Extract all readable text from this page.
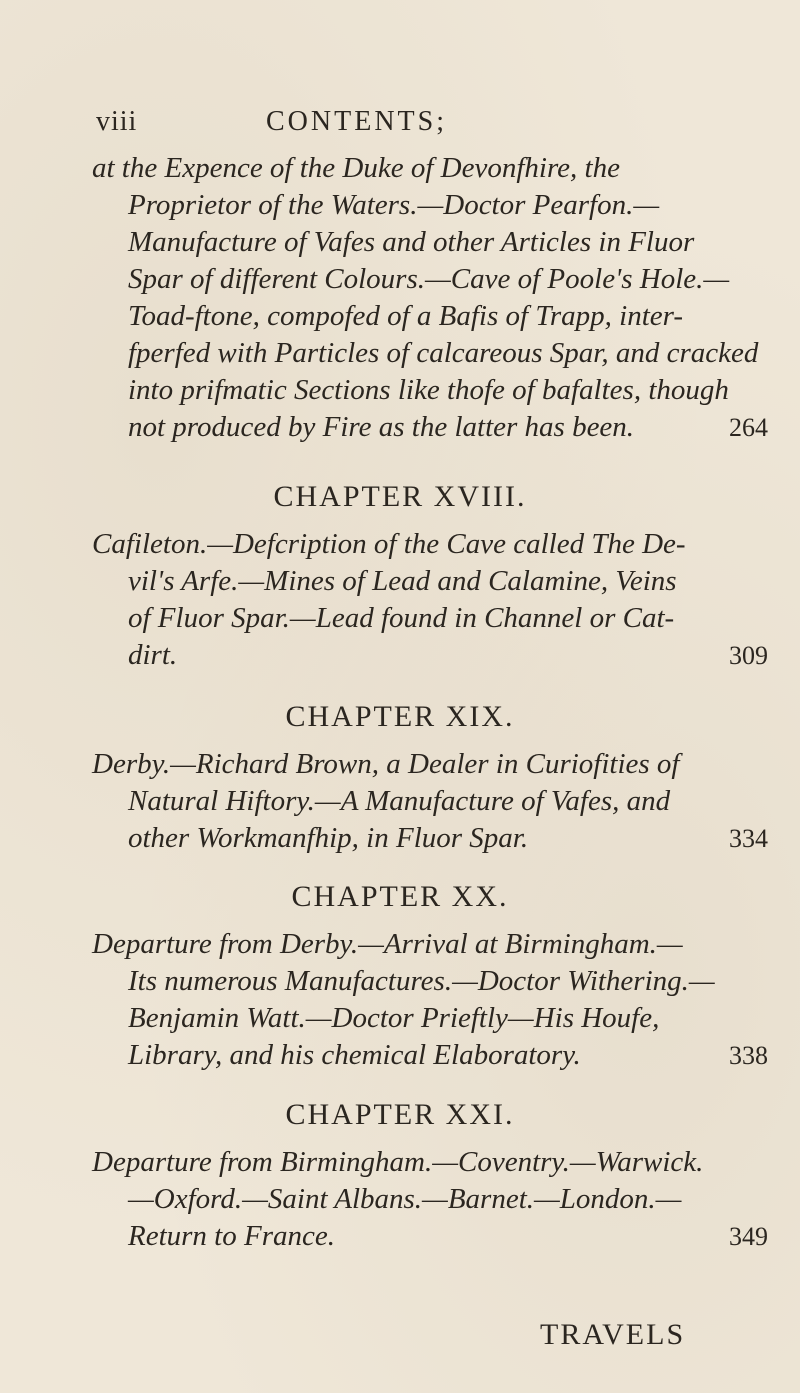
viii	CONTENTS;
at the Expence of the Duke of Devonfhire, the
Proprietor of the Waters.—Doctor Pearfon.—
Manufacture of Vafes and other Articles in Fluor
Spar of different Colours.—Cave of Poole's Hole.—
Toad-ftone, compofed of a Bafis of Trapp, inter-
fperfed with Particles of calcareous Spar, and cracked
into prifmatic Sections like thofe of bafaltes, though
not produced by Fire as the latter has been.	264
CHAPTER XVIII.
Cafileton.—Defcription of the Cave called The De-
vil's Arfe.—Mines of Lead and Calamine, Veins
of Fluor Spar.—Lead found in Channel or Cat-
dirt.	309
CHAPTER XIX.
Derby.—Richard Brown, a Dealer in Curiofities of
Natural Hiftory.—A Manufacture of Vafes, and
other Workmanfhip, in Fluor Spar.	334
CHAPTER XX.
Departure from Derby.—Arrival at Birmingham.—
Its numerous Manufactures.—Doctor Withering.—
Benjamin Watt.—Doctor Prieftly—His Houfe,
Library, and his chemical Elaboratory.	338
CHAPTER XXI.
Departure from Birmingham.—Coventry.—Warwick.
—Oxford.—Saint Albans.—Barnet.—London.—
Return to France.	349
TRAVELS
